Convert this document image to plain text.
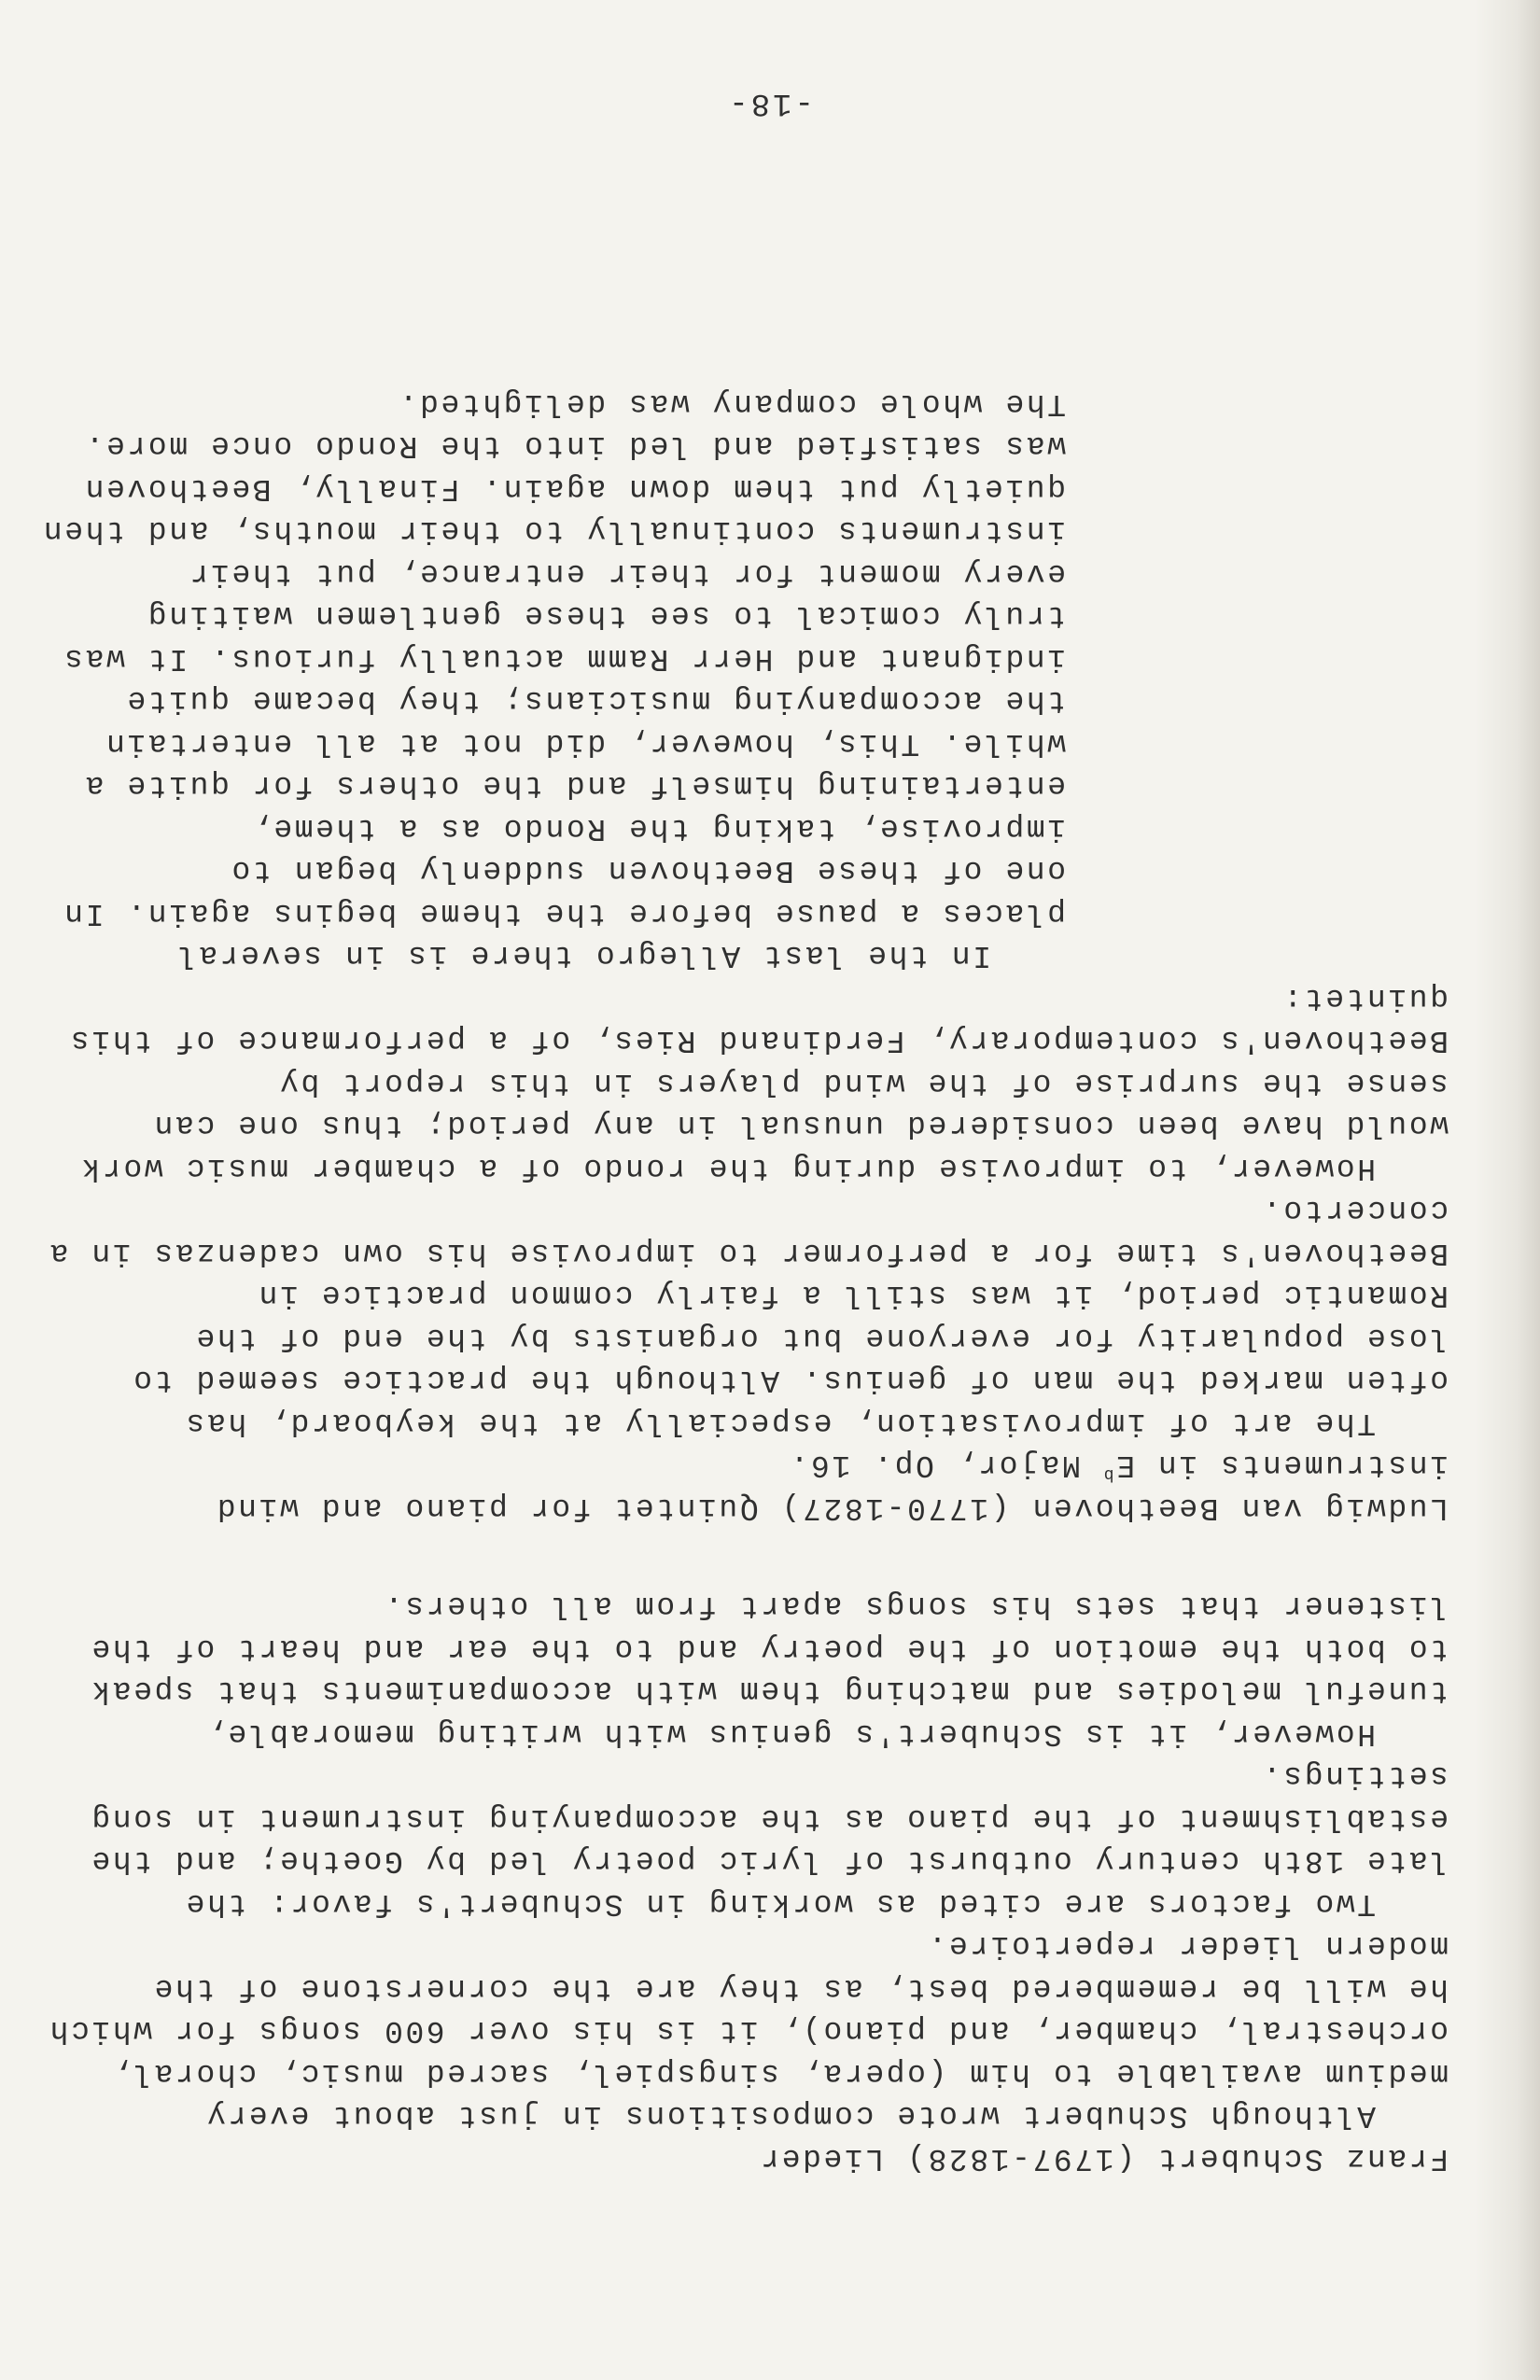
Franz Schubert (1797-1828) Lieder
Although Schubert wrote compositions in just about every
medium available to him (opera, singspiel, sacred music, choral,
orchestral, chamber, and piano), it is his over 600 songs for which
he will be remembered best, as they are the cornerstone of the
modern lieder repertoire.
Two factors are cited as working in Schubert's favor: the
late 18th century outburst of lyric poetry led by Goethe; and the
establishment of the piano as the accompanying instrument in song
settings.
However, it is Schubert's genius with writing memorable,
tuneful melodies and matching them with accompaniments that speak
to both the emotion of the poetry and to the ear and heart of the
listener that sets his songs apart from all others.
Ludwig van Beethoven (1770-1827) Quintet for piano and wind
instruments in $E^b$ Major, Op. 16.
The art of improvisation, especially at the keyboard, has
often marked the man of genius. Although the practice seemed to
lose popularity for everyone but organists by the end of the
Romantic period, it was still a fairly common practice in
Beethoven's time for a performer to improvise his own cadenzas in a
concerto.
However, to improvise during the rondo of a chamber music work
would have been considered unusual in any period; thus one can
sense the surprise of the wind players in this report by
Beethoven's contemporary, Ferdinand Ries, of a performance of this
quintet:
In the last Allegro there is in several
places a pause before the theme begins again. In
one of these Beethoven suddenly began to
improvise, taking the Rondo as a theme,
entertaining himself and the others for quite a
while. This, however, did not at all entertain
the accompanying musicians; they became quite
indignant and Herr Ramm actually furious. It was
truly comical to see these gentlemen waiting
every moment for their entrance, put their
instruments continually to their mouths, and then
quietly put them down again. Finally, Beethoven
was satisfied and led into the Rondo once more.
The whole company was delighted.
-18-
